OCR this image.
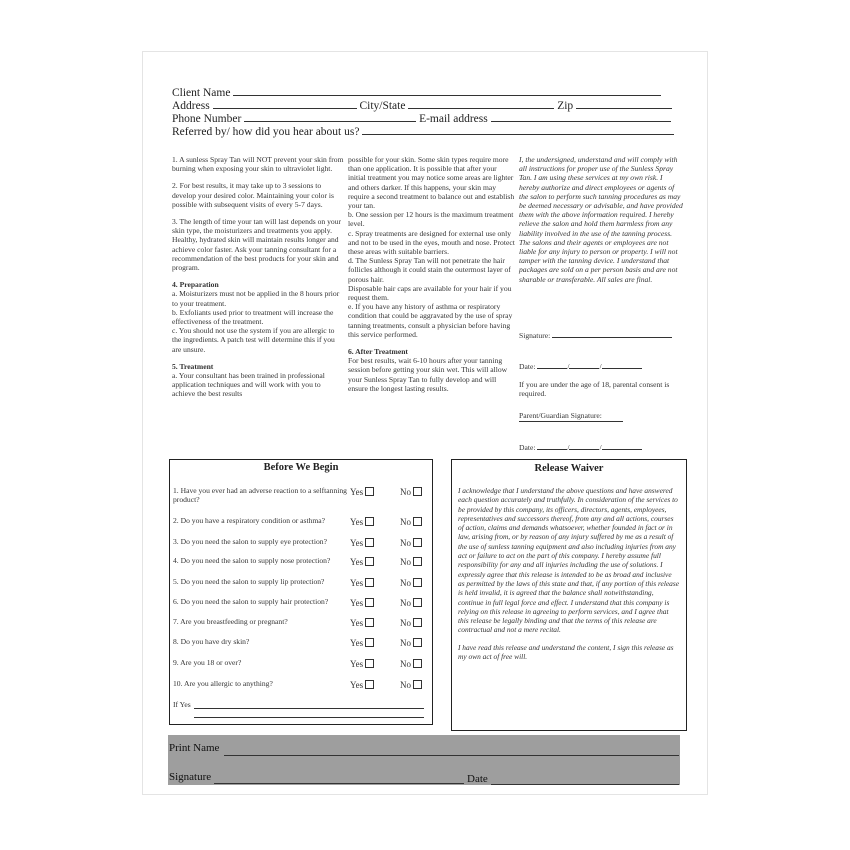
Client Name
Address	City/State	Zip
Phone Number	E-mail address
Referred by/ how did you hear about us?

1. A sunless Spray Tan will NOT prevent your skin from burning when exposing your skin to ultraviolet light.

2. For best results, it may take up to 3 sessions to develop your desired color. Maintaining your color is possible with subsequent visits of every 5-7 days.

3. The length of time your tan will last depends on your skin type, the moisturizers and treatments you apply. Healthy, hydrated skin will maintain results longer and achieve color faster. Ask your tanning consultant for a recommendation of the best products for your skin and program.

4. Preparation
a. Moisturizers must not be applied in the 8 hours prior to your treatment.
b. Exfoliants used prior to treatment will increase the effectiveness of the treatment.

c. You should not use the system if you are allergic to the ingredients. A patch test will determine this if you are unsure.

5. Treatment
a. Your consultant has been trained in professional application techniques and will work with you to achieve the best results
possible for your skin. Some skin types require more than one application. It is possible that after your initial treatment you may notice some areas are lighter and others darker. If this happens, your skin may require a second treatment to balance out and establish your tan.
b. One session per 12 hours is the maximum treatment level.
c. Spray treatments are designed for external use only and not to be used in the eyes, mouth and nose. Protect these areas with suitable barriers.
d. The Sunless Spray Tan will not penetrate the hair follicles although it could stain the outermost layer of porous hair.
Disposable hair caps are available for your hair if you request them.

e. If you have any history of asthma or respiratory condition that could be aggravated by the use of spray tanning treatments, consult a physician before having this service performed.

6. After Treatment
For best results, wait 6-10 hours after your tanning session before getting your skin wet. This will allow your Sunless Spray Tan to fully develop and will ensure the longest lasting results.
I, the undersigned, understand and will comply with all instructions for proper use of the Sunless Spray Tan. I am using these services at my own risk. I hereby authorize and direct employees or agents of the salon to perform such tanning procedures as may be deemed necessary or advisable, and have provided them with the above information required. I hereby relieve the salon and hold them harmless from any liability involved in the use of the tanning process. The salons and their agents or employees are not liable for any injury to person or property. I will not tamper with the tanning device. I understand that packages are sold on a per person basis and are not sharable or transferable. All sales are final.
Signature:
Date:	/	/
If you are under the age of 18, parental consent is required.
Parent/Guardian Signature:
Date:	/	/
Before We Begin
1. Have you ever had an adverse reaction to a selftanning product?
Yes	No
2. Do you have a respiratory condition or asthma?	Yes	No
3. Do you need the salon to supply eye protection?	Yes	No
4. Do you need the salon to supply nose protection?	Yes	No
5. Do you need the salon to supply lip protection?	Yes	No
6. Do you need the salon to supply hair protection?	Yes	No
7. Are you breastfeeding or pregnant?	Yes	No
8. Do you have dry skin?	Yes	No
9. Are you 18 or over?	Yes	No
10. Are you allergic to anything?	Yes	No
If Yes
Release Waiver

I acknowledge that I understand the above questions and have answered each question accurately and truthfully. In consideration of the services to be provided by this company, its officers, directors, agents, employees, representatives and successors thereof, from any and all actions, courses of action, claims and demands whatsoever, whether founded in fact or in law, arising from, or by reason of any injury suffered by me as a result of the use of sunless tanning equipment and also including injuries from any act or failure to act on the part of this company. I hereby assume full responsibility for any and all injuries including the use of solutions. I expressly agree that this release is intended to be as broad and inclusive as permitted by the laws of this state and that, if any portion of this release is held invalid, it is agreed that the balance shall notwithstanding, continue in full legal force and effect. I understand that this company is relying on this release in agreeing to perform services, and I agree that this release be legally binding and that the terms of this release are contractual and not a mere recital.

I have read this release and understand the content, I sign this release as my own act of free will.

Print Name
Signature	Date
